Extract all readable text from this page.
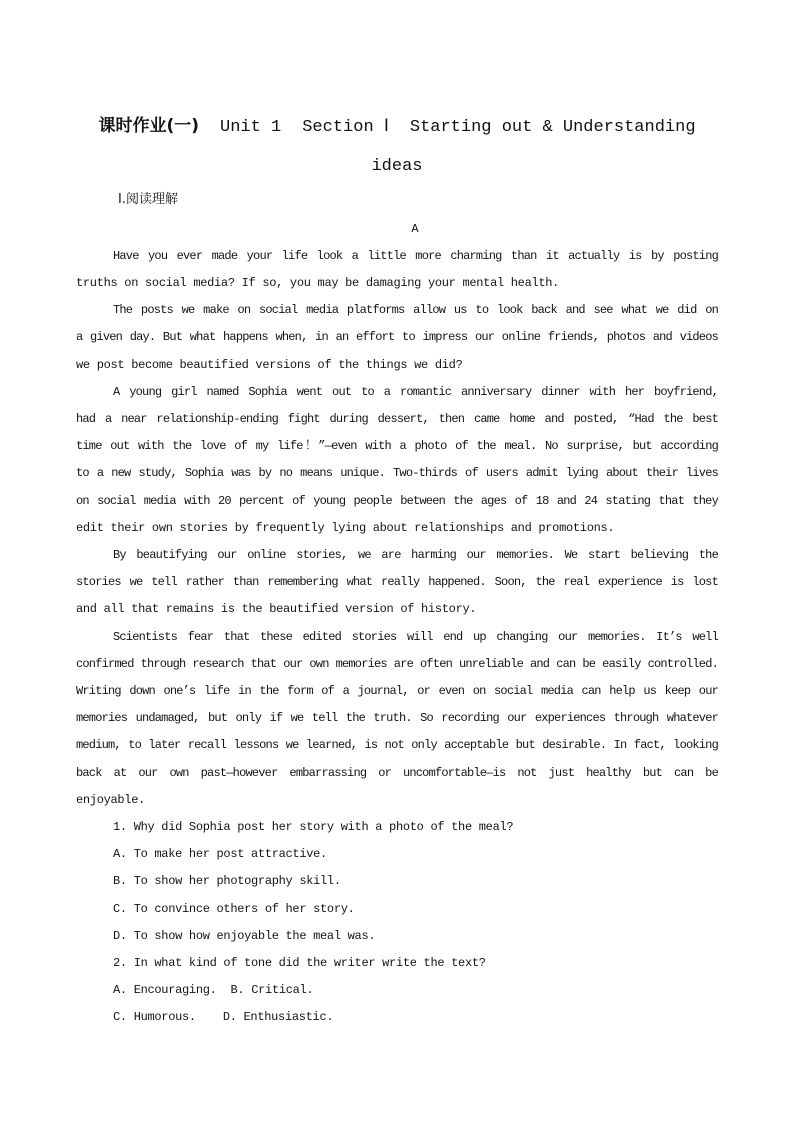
课时作业(一) Unit 1 Section Ⅰ Starting out & Understanding
ideas
Ⅰ.阅读理解
A
Have you ever made your life look a little more charming than it actually is by posting
truths on social media? If so, you may be damaging your mental health.
The posts we make on social media platforms allow us to look back and see what we did on
a given day. But what happens when, in an effort to impress our online friends, photos and videos
we post become beautified versions of the things we did?
A young girl named Sophia went out to a romantic anniversary dinner with her boyfriend,
had a near relationship-ending fight during dessert, then came home and posted, “Had the best
time out with the love of my life！”—even with a photo of the meal. No surprise, but according
to a new study, Sophia was by no means unique. Two-thirds of users admit lying about their lives
on social media with 20 percent of young people between the ages of 18 and 24 stating that they
edit their own stories by frequently lying about relationships and promotions.
By beautifying our online stories, we are harming our memories. We start believing the
stories we tell rather than remembering what really happened. Soon, the real experience is lost
and all that remains is the beautified version of history.
Scientists fear that these edited stories will end up changing our memories. It’s well
confirmed through research that our own memories are often unreliable and can be easily controlled.
Writing down one’s life in the form of a journal, or even on social media can help us keep our
memories undamaged, but only if we tell the truth. So recording our experiences through whatever
medium, to later recall lessons we learned, is not only acceptable but desirable. In fact, looking
back at our own past—however embarrassing or uncomfortable—is not just healthy but can be
enjoyable.
1. Why did Sophia post her story with a photo of the meal?
A. To make her post attractive.
B. To show her photography skill.
C. To convince others of her story.
D. To show how enjoyable the meal was.
2. In what kind of tone did the writer write the text?
A. Encouraging. B. Critical.
C. Humorous. D. Enthusiastic.
